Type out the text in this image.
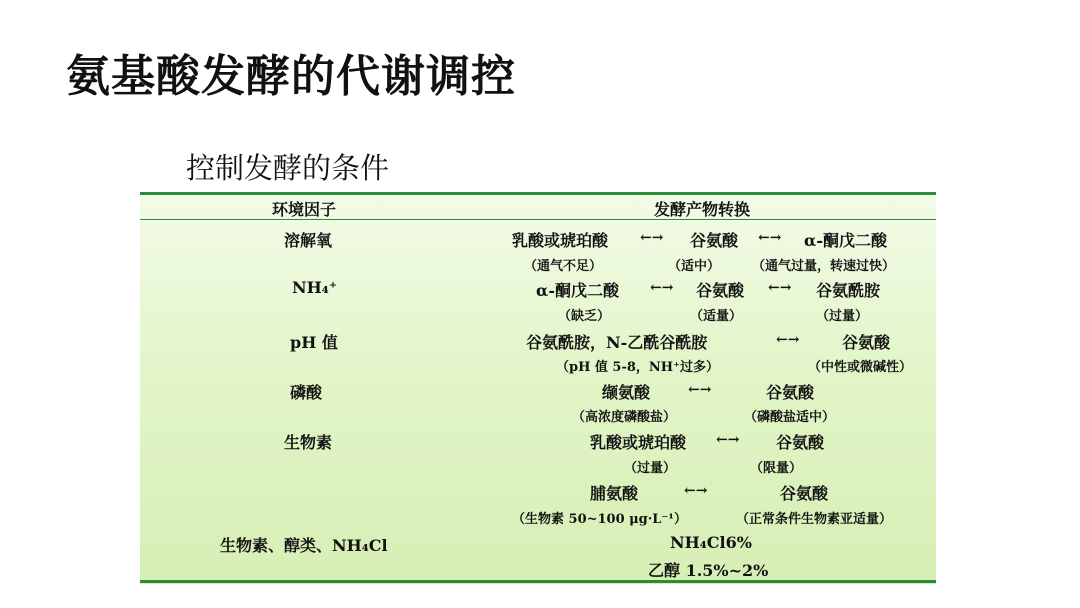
氨基酸发酵的代谢调控
控制发酵的条件
环境因子	发酵产物转换
溶解氧	乳酸或琥珀酸 ←→ 谷氨酸 ←→ α-酮戊二酸
（通气不足）	（适中） （通气过量，转速过快）
NH₄⁺	α-酮戊二酸 ←→ 谷氨酸 ←→ 谷氨酰胺
（缺乏）	（适量）	（过量）
pH 值	谷氨酰胺，N-乙酰谷酰胺	←→	谷氨酸
（pH 值 5-8，NH⁺过多）	（中性或微碱性）
磷酸	缬氨酸	←→	谷氨酸
（高浓度磷酸盐）	（磷酸盐适中）
生物素	乳酸或琥珀酸 ←→ 谷氨酸
（过量）	（限量）
脯氨酸	←→	谷氨酸
（生物素 50~100 μg·L⁻¹）	（正常条件生物素亚适量）
生物素、醇类、NH₄Cl	NH₄Cl6%
乙醇 1.5%~2%
